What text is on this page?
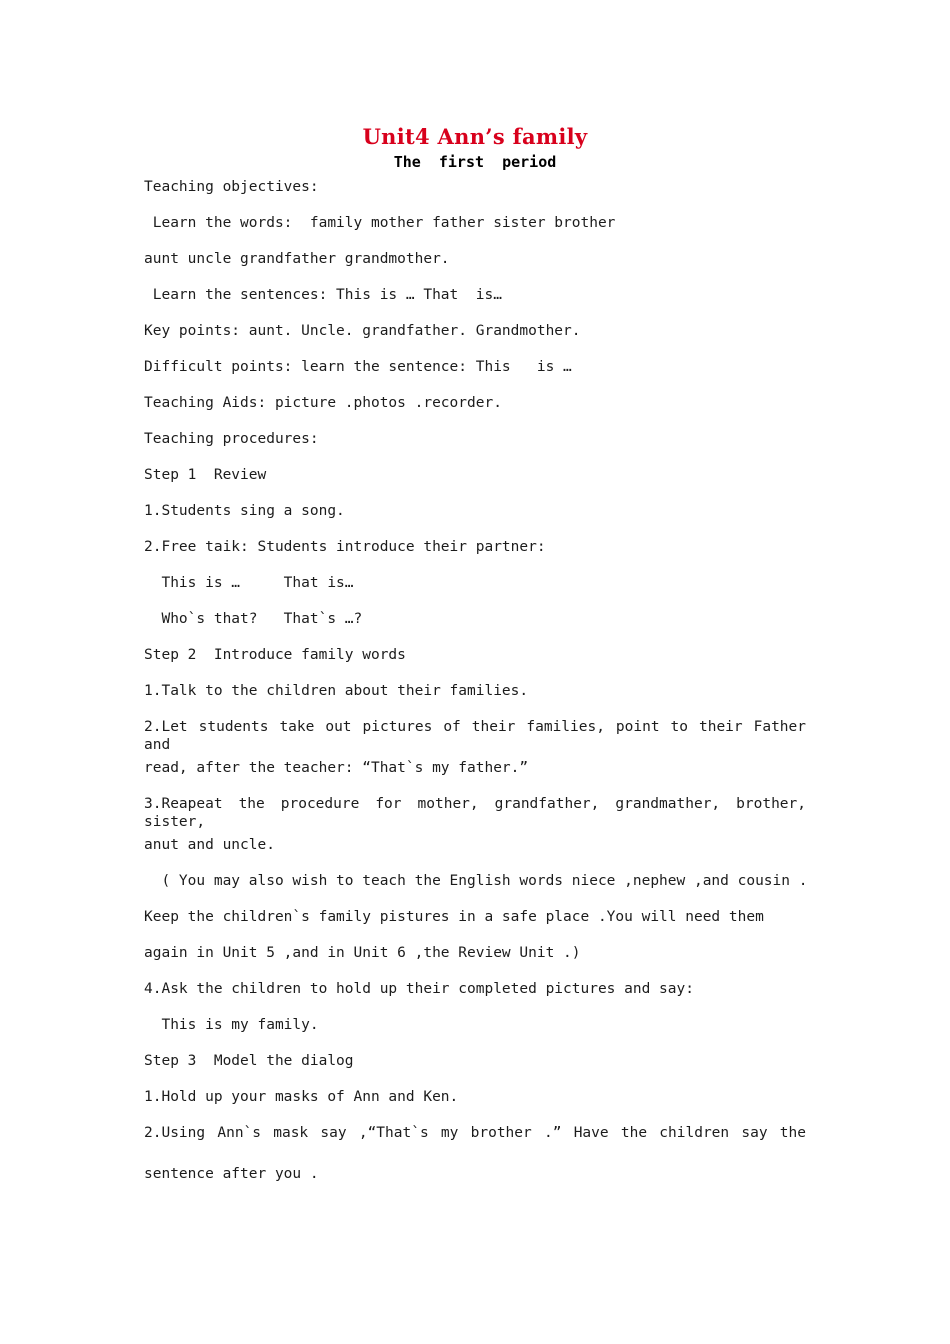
Unit4 Ann’s family
The  first  period
Teaching objectives:
Learn the words:  family mother father sister brother
aunt uncle grandfather grandmother.
Learn the sentences: This is … That  is…
Key points: aunt. Uncle. grandfather. Grandmother.
Difficult points: learn the sentence: This   is …
Teaching Aids: picture .photos .recorder.
Teaching procedures:
Step 1  Review
1.Students sing a song.
2.Free taik: Students introduce their partner:
This is …     That is…
Who`s that?   That`s …?
Step 2  Introduce family words
1.Talk to the children about their families.
2.Let students take out pictures of their families, point to their Father and
read, after the teacher: “That`s my father.”
3.Reapeat the procedure for mother, grandfather, grandmather, brother, sister,
anut and uncle.
( You may also wish to teach the English words niece ,nephew ,and cousin .
Keep the children`s family pistures in a safe place .You will need them
again in Unit 5 ,and in Unit 6 ,the Review Unit .)
4.Ask the children to hold up their completed pictures and say:
This is my family.
Step 3  Model the dialog
1.Hold up your masks of Ann and Ken.
2.Using Ann`s mask say ,“That`s my brother .” Have the children say the
sentence after you .
